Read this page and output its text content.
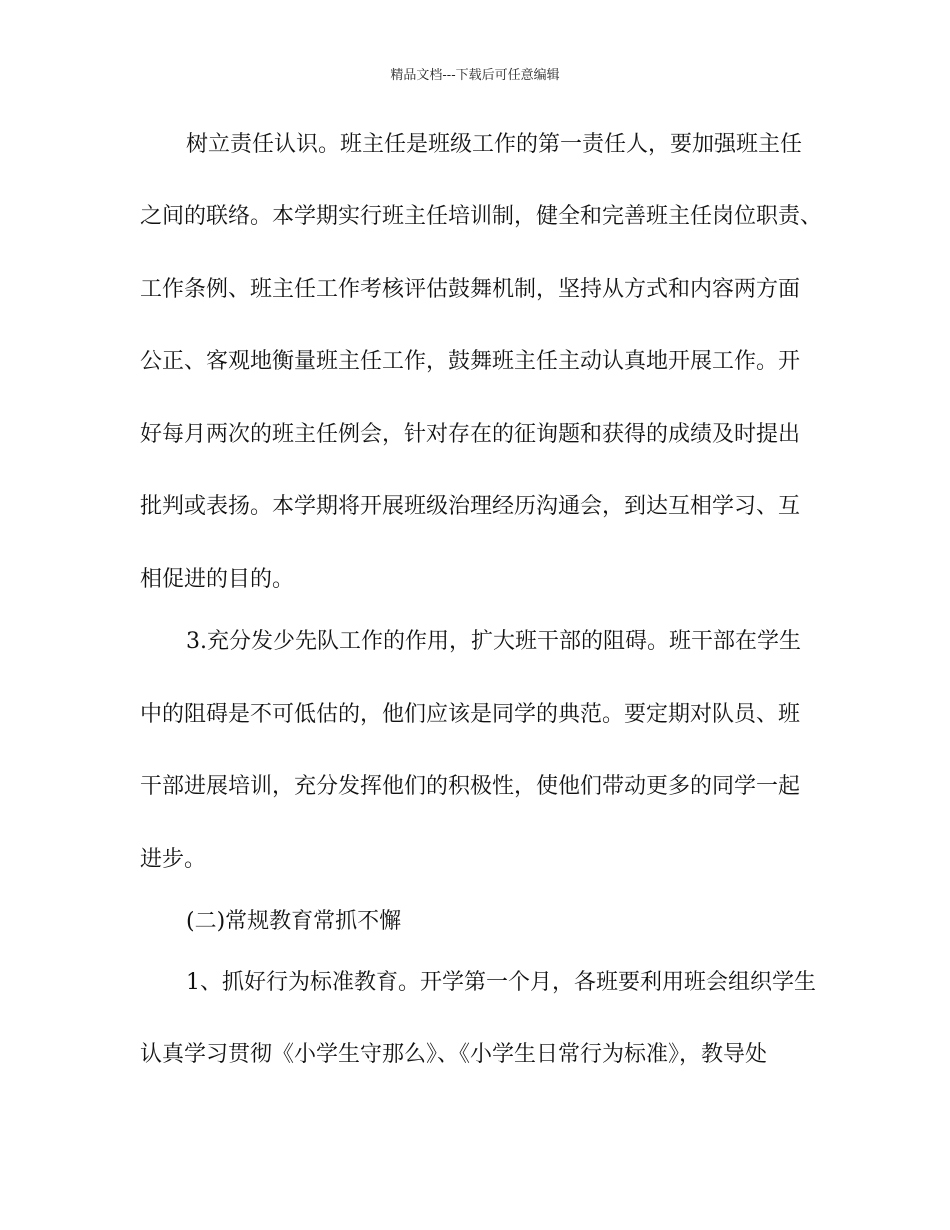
精品文档---下载后可任意编辑
树立责任认识。班主任是班级工作的第一责任人，要加强班主任
之间的联络。本学期实行班主任培训制，健全和完善班主任岗位职责、
工作条例、班主任工作考核评估鼓舞机制，坚持从方式和内容两方面
公正、客观地衡量班主任工作，鼓舞班主任主动认真地开展工作。开
好每月两次的班主任例会，针对存在的征询题和获得的成绩及时提出
批判或表扬。本学期将开展班级治理经历沟通会，到达互相学习、互
相促进的目的。
3.充分发少先队工作的作用，扩大班干部的阻碍。班干部在学生
中的阻碍是不可低估的，他们应该是同学的典范。要定期对队员、班
干部进展培训，充分发挥他们的积极性，使他们带动更多的同学一起
进步。
(二)常规教育常抓不懈
1、抓好行为标准教育。开学第一个月，各班要利用班会组织学生
认真学习贯彻《小学生守那么》、《小学生日常行为标准》，教导处
